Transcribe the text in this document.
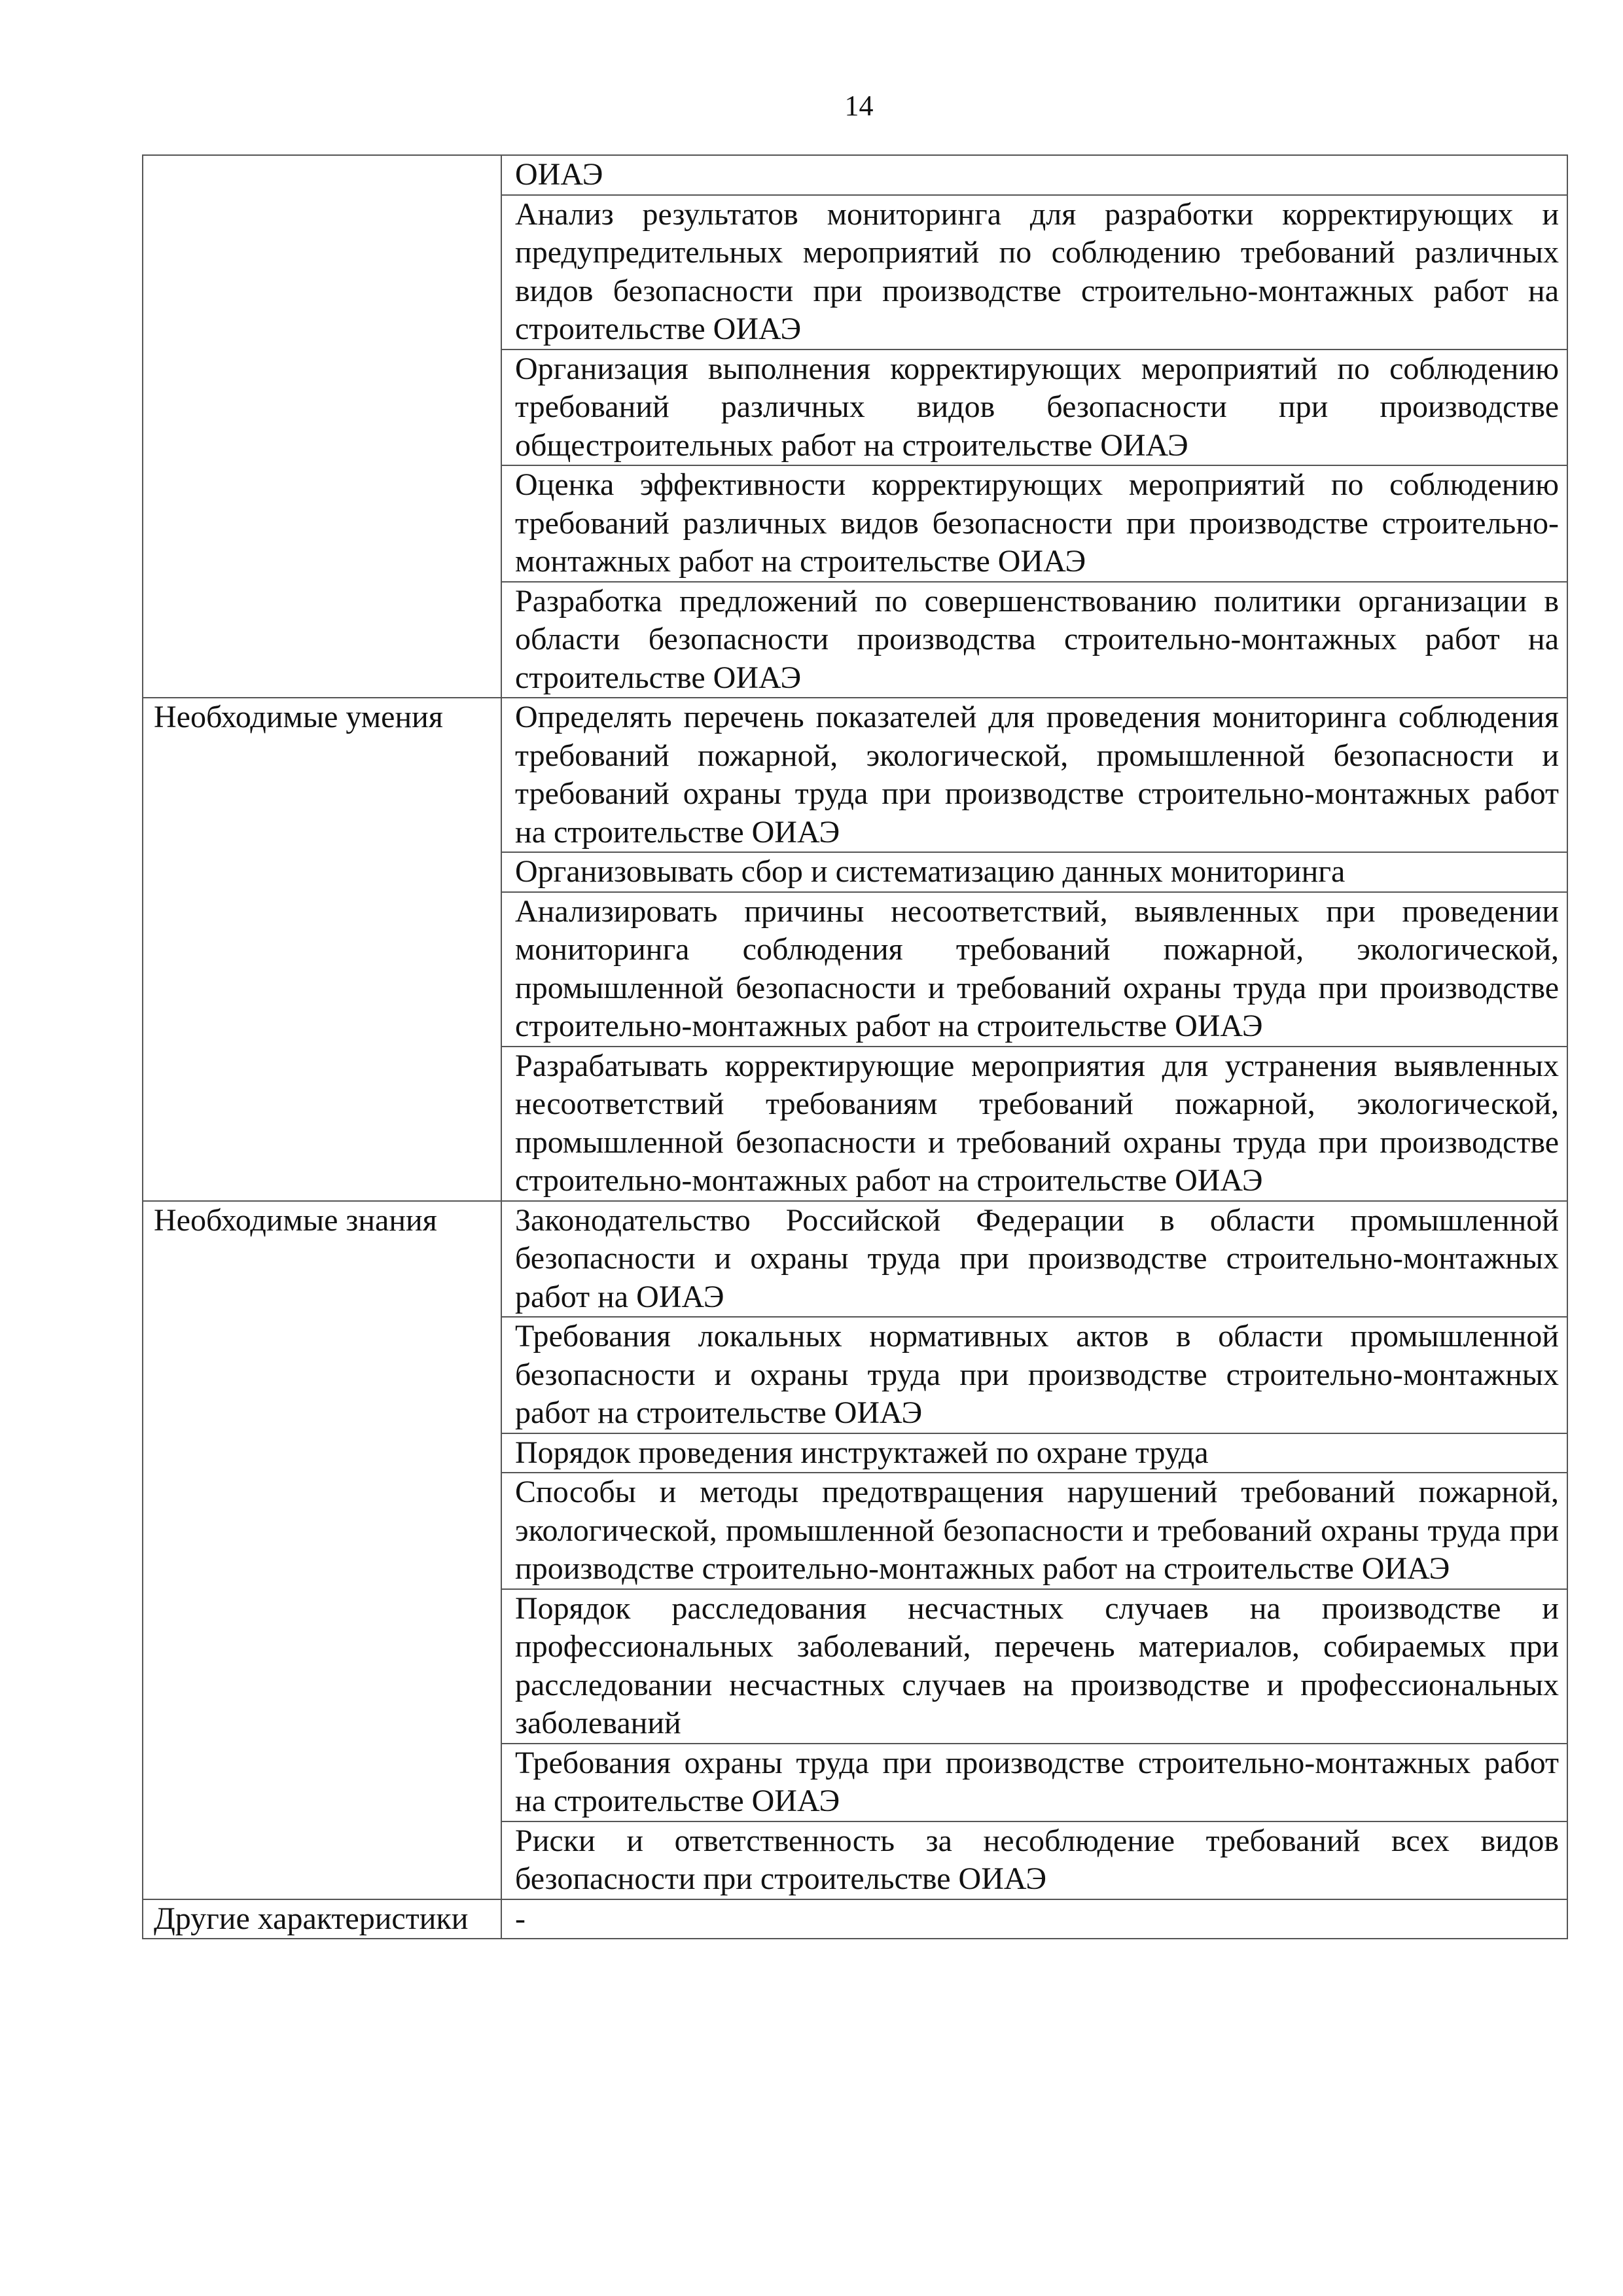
14
	ОИАЭ
	Анализ результатов мониторинга для разработки корректирующих и предупредительных мероприятий по соблюдению требований различных видов безопасности при производстве строительно-монтажных работ на строительстве ОИАЭ
	Организация выполнения корректирующих мероприятий по соблюдению требований различных видов безопасности при производстве общестроительных работ на строительстве ОИАЭ
	Оценка эффективности корректирующих мероприятий по соблюдению требований различных видов безопасности при производстве строительно-монтажных работ на строительстве ОИАЭ
	Разработка предложений по совершенствованию политики организации в области безопасности производства строительно-монтажных работ на строительстве ОИАЭ
Необходимые умения	Определять перечень показателей для проведения мониторинга соблюдения требований пожарной, экологической, промышленной безопасности и требований охраны труда при производстве строительно-монтажных работ на строительстве ОИАЭ
	Организовывать сбор и систематизацию данных мониторинга
	Анализировать причины несоответствий, выявленных при проведении мониторинга соблюдения требований пожарной, экологической, промышленной безопасности и требований охраны труда при производстве строительно-монтажных работ на строительстве ОИАЭ
	Разрабатывать корректирующие мероприятия для устранения выявленных несоответствий требованиям требований пожарной, экологической, промышленной безопасности и требований охраны труда при производстве строительно-монтажных работ на строительстве ОИАЭ
Необходимые знания	Законодательство Российской Федерации в области промышленной безопасности и охраны труда при производстве строительно-монтажных работ на ОИАЭ
	Требования локальных нормативных актов в области промышленной безопасности и охраны труда при производстве строительно-монтажных работ на строительстве ОИАЭ
	Порядок проведения инструктажей по охране труда
	Способы и методы предотвращения нарушений требований пожарной, экологической, промышленной безопасности и требований охраны труда при производстве строительно-монтажных работ на строительстве ОИАЭ
	Порядок расследования несчастных случаев на производстве и профессиональных заболеваний, перечень материалов, собираемых при расследовании несчастных случаев на производстве и профессиональных заболеваний
	Требования охраны труда при производстве строительно-монтажных работ на строительстве ОИАЭ
	Риски и ответственность за несоблюдение требований всех видов безопасности при строительстве ОИАЭ
Другие характеристики	-
